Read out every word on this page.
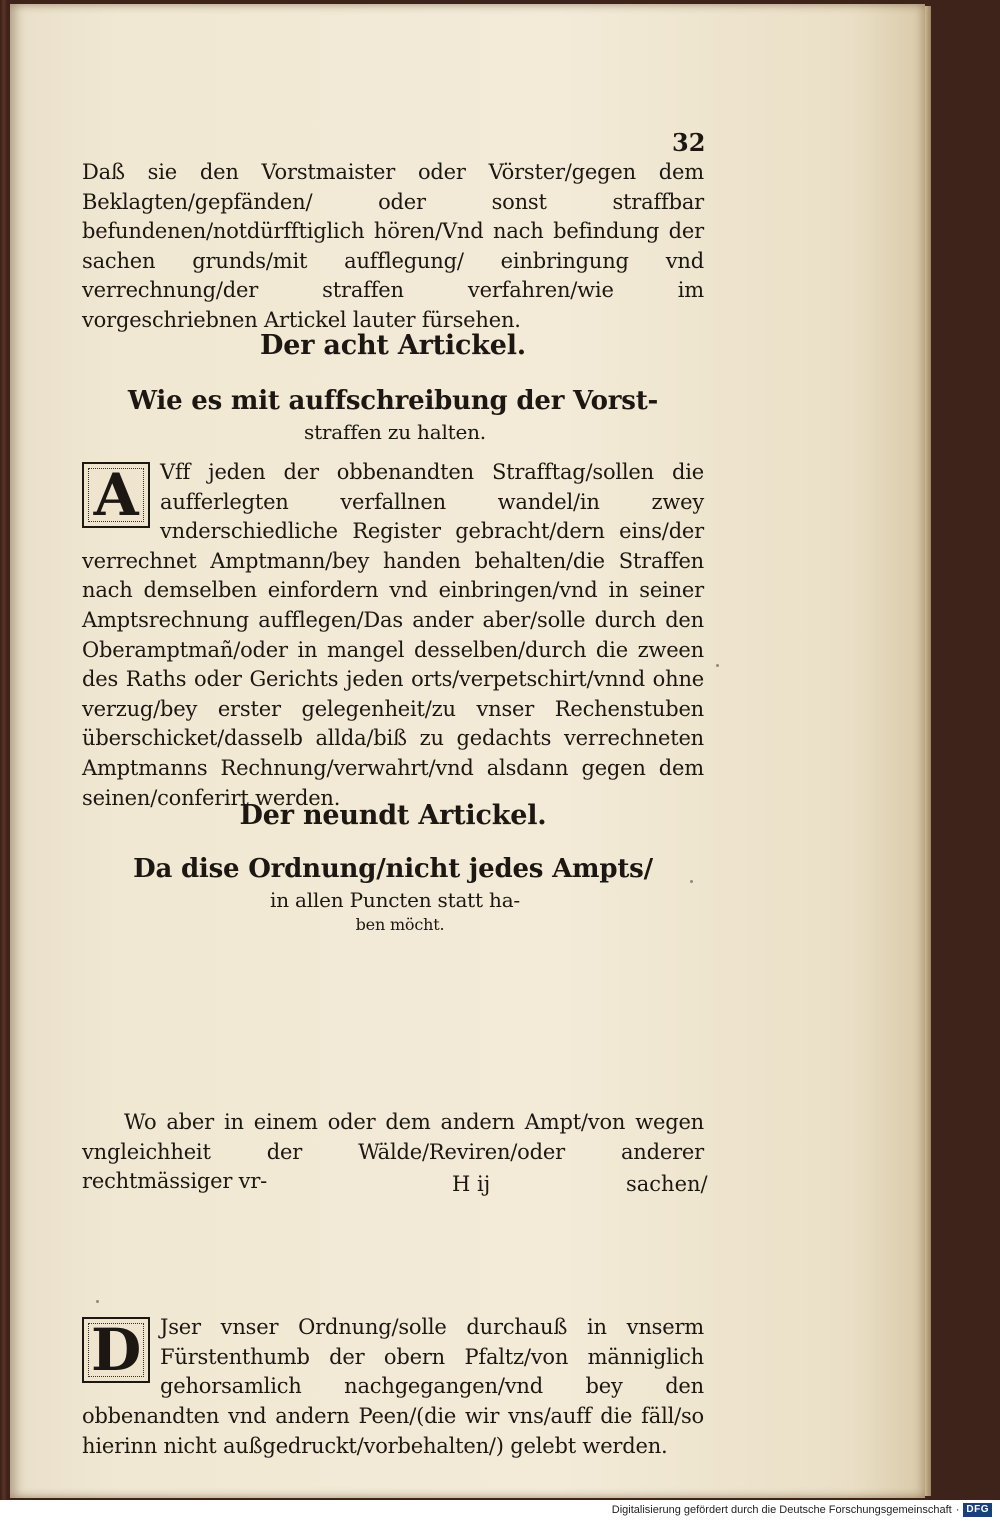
32
Daß sie den Vorstmaister oder Vörster/gegen dem Beklagten/gepfänden/ oder sonst straffbar befundenen/notdürfftiglich hören/Vnd nach befindung der sachen grunds/mit aufflegung/ einbringung vnd verrechnung/der straffen verfahren/wie im vorgeschriebnen Artickel lauter fürsehen.
Der acht Artickel.
Wie es mit auffschreibung der Vorst-
straffen zu halten.
A	Vff jeden der obbenandten Strafftag/sollen die aufferlegten verfallnen wandel/in zwey vnderschiedliche Register gebracht/dern eins/der verrechnet Amptmann/bey handen behalten/die Straffen nach demselben einfordern vnd einbringen/vnd in seiner Amptsrechnung aufflegen/Das ander aber/solle durch den Oberamptmañ/oder in mangel desselben/durch die zween des Raths oder Gerichts jeden orts/verpetschirt/vnnd ohne verzug/bey erster gelegenheit/zu vnser Rechenstuben überschicket/dasselb allda/biß zu gedachts verrechneten Amptmanns Rechnung/verwahrt/vnd alsdann gegen dem seinen/conferirt werden.
Der neundt Artickel.
Da dise Ordnung/nicht jedes Ampts/
in allen Puncten statt ha-
ben möcht.
D Jser vnser Ordnung/solle durchauß in vnserm Fürstenthumb der obern Pfaltz/von männiglich gehorsamlich nachgegangen/vnd bey den obbenandten vnd andern Peen/(die wir vns/auff die fäll/so hierinn nicht außgedruckt/vorbehalten/) gelebt werden.
Wo aber in einem oder dem andern Ampt/von wegen vngleichheit der Wälde/Reviren/oder anderer rechtmässiger vr-	H ij	sachen/
Digitalisierung gefördert durch die Deutsche Forschungsgemeinschaft · DFG
